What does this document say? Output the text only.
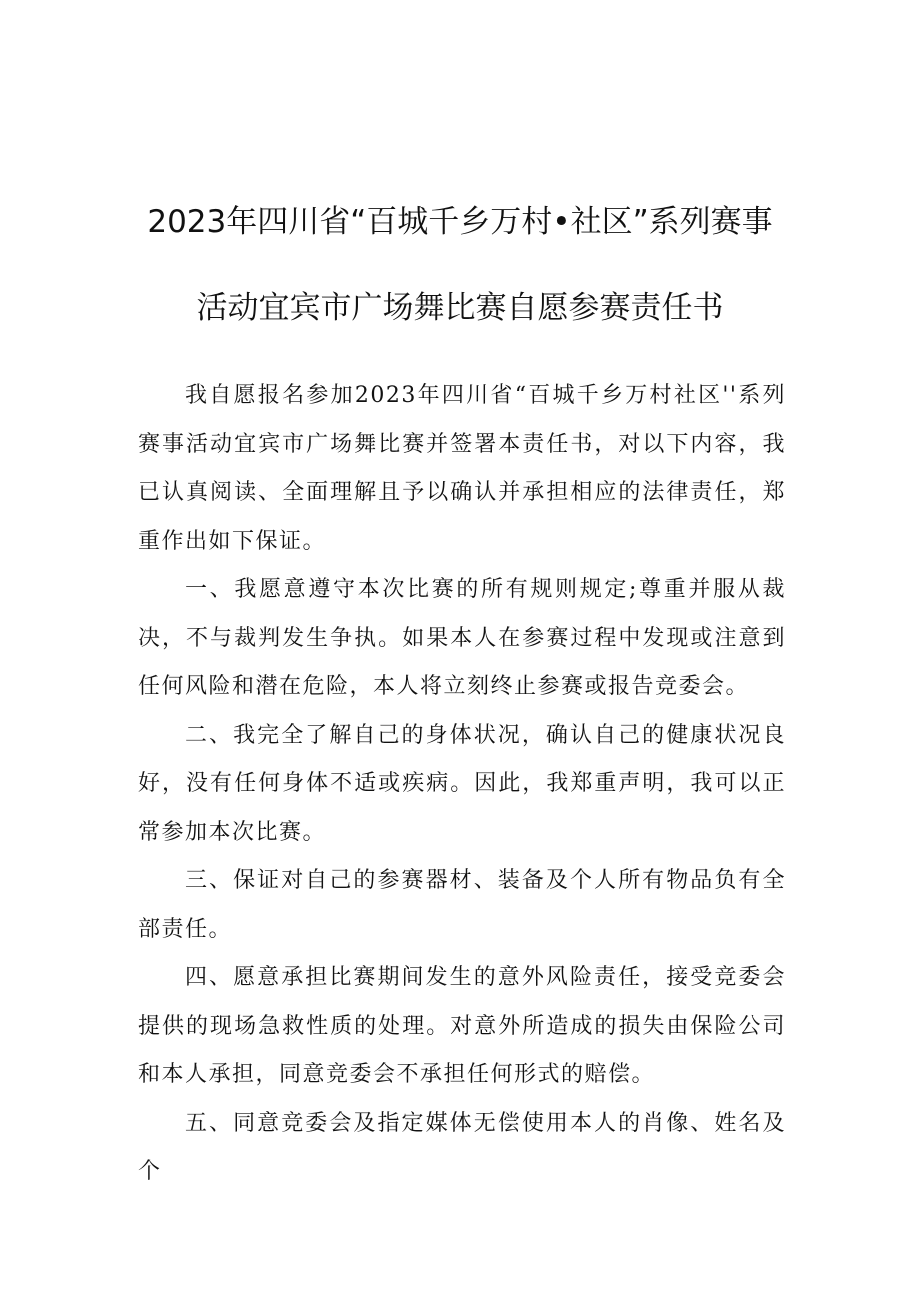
2023年四川省“百城千乡万村•社区”系列赛事
活动宜宾市广场舞比赛自愿参赛责任书

我自愿报名参加2023年四川省“百城千乡万村社区''系列赛事活动宜宾市广场舞比赛并签署本责任书，对以下内容，我已认真阅读、全面理解且予以确认并承担相应的法律责任，郑重作出如下保证。

一、我愿意遵守本次比赛的所有规则规定;尊重并服从裁决，不与裁判发生争执。如果本人在参赛过程中发现或注意到任何风险和潜在危险，本人将立刻终止参赛或报告竞委会。

二、我完全了解自己的身体状况，确认自己的健康状况良好，没有任何身体不适或疾病。因此，我郑重声明，我可以正常参加本次比赛。

三、保证对自己的参赛器材、装备及个人所有物品负有全部责任。

四、愿意承担比赛期间发生的意外风险责任，接受竞委会提供的现场急救性质的处理。对意外所造成的损失由保险公司和本人承担，同意竞委会不承担任何形式的赔偿。

五、同意竞委会及指定媒体无偿使用本人的肖像、姓名及个
